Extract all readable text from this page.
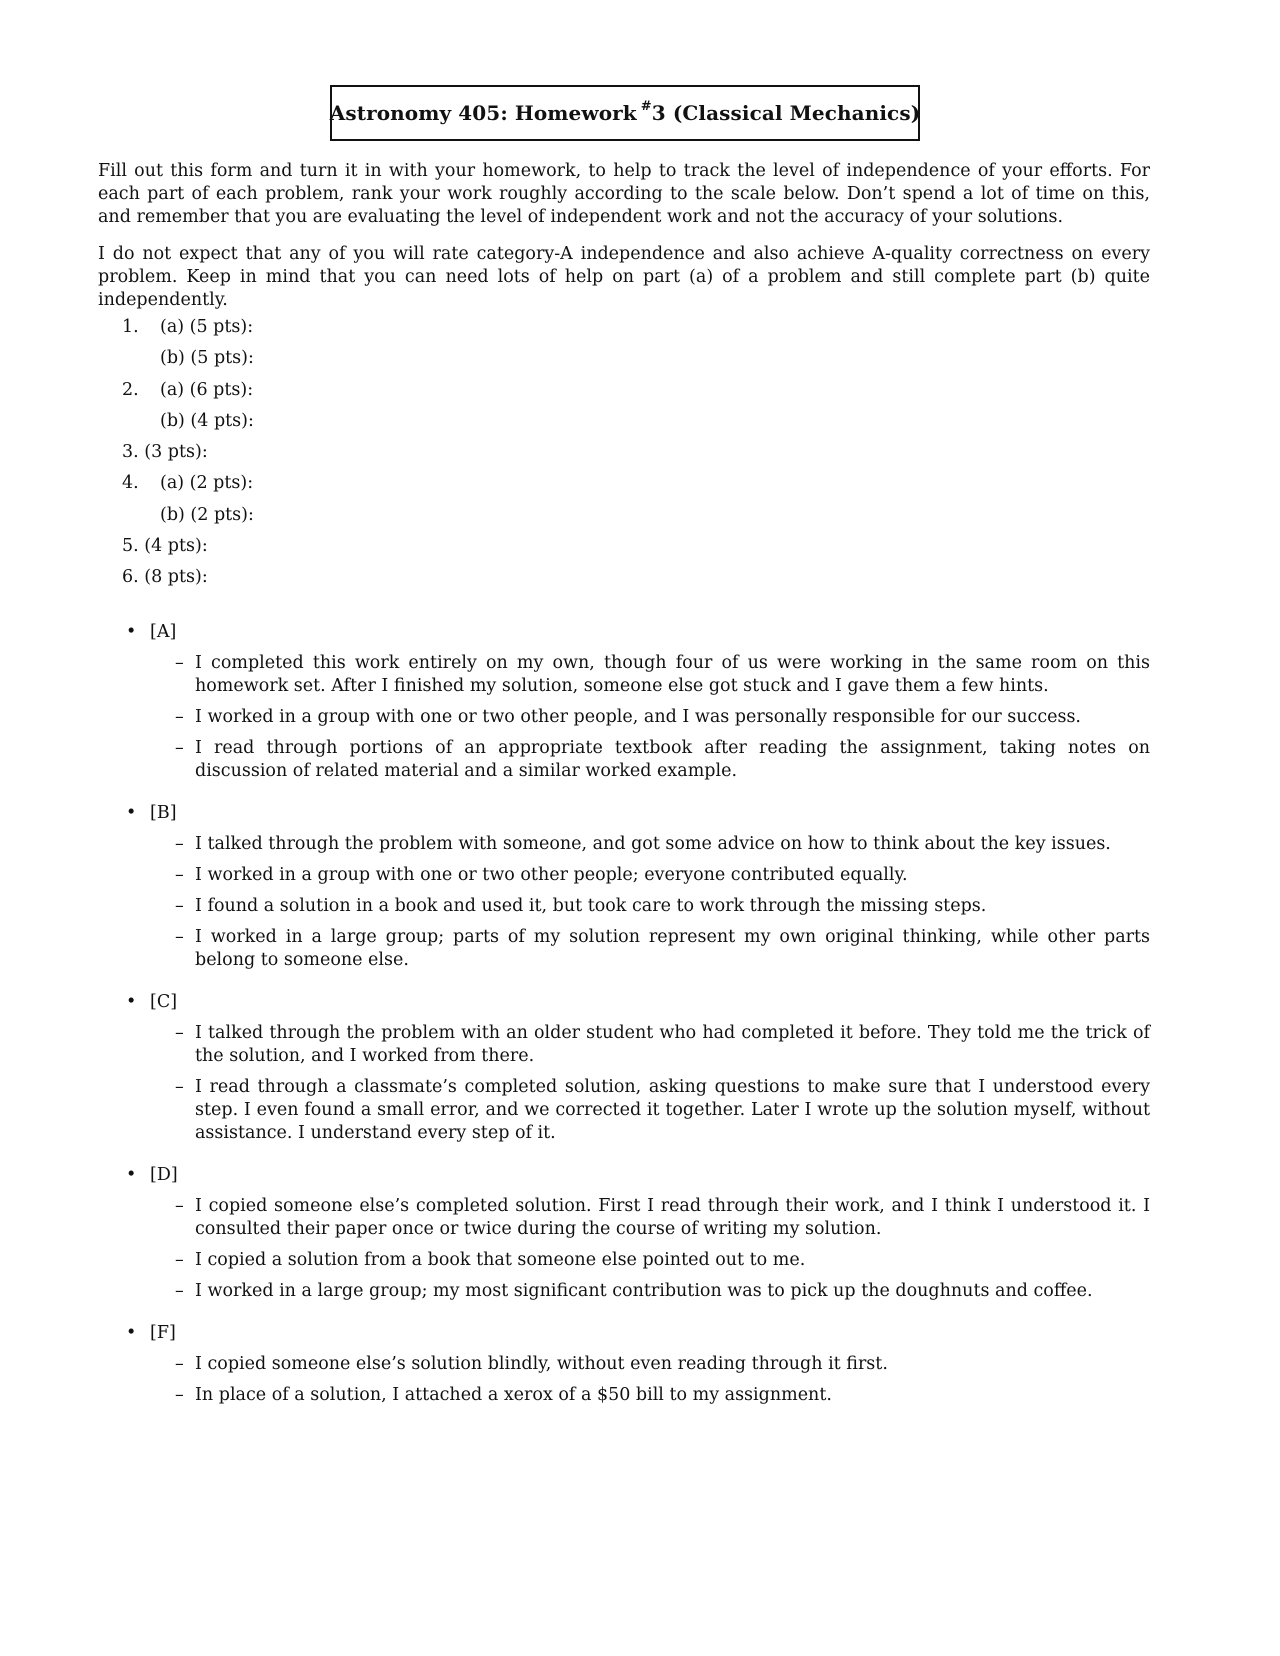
Astronomy 405: Homework # 3 (Classical Mechanics)

Fill out this form and turn it in with your homework, to help to track the level of independence of your efforts. For each part of each problem, rank your work roughly according to the scale below. Don’t spend a lot of time on this, and remember that you are evaluating the level of independent work and not the accuracy of your solutions.

I do not expect that any of you will rate category-A independence and also achieve A-quality correctness on every problem. Keep in mind that you can need lots of help on part (a) of a problem and still complete part (b) quite independently.

1. (a) (5 pts):
(b) (5 pts):
2. (a) (6 pts):
(b) (4 pts):
3. (3 pts):
4. (a) (2 pts):
(b) (2 pts):
5. (4 pts):
6. (8 pts):
• [A]
– I completed this work entirely on my own, though four of us were working in the same room on this homework set. After I finished my solution, someone else got stuck and I gave them a few hints.
– I worked in a group with one or two other people, and I was personally responsible for our success.
– I read through portions of an appropriate textbook after reading the assignment, taking notes on discussion of related material and a similar worked example.
• [B]
– I talked through the problem with someone, and got some advice on how to think about the key issues.
– I worked in a group with one or two other people; everyone contributed equally.
– I found a solution in a book and used it, but took care to work through the missing steps.
– I worked in a large group; parts of my solution represent my own original thinking, while other parts belong to someone else.
• [C]
– I talked through the problem with an older student who had completed it before. They told me the trick of the solution, and I worked from there.
– I read through a classmate’s completed solution, asking questions to make sure that I understood every step. I even found a small error, and we corrected it together. Later I wrote up the solution myself, without assistance. I understand every step of it.
• [D]
– I copied someone else’s completed solution. First I read through their work, and I think I understood it. I consulted their paper once or twice during the course of writing my solution.
– I copied a solution from a book that someone else pointed out to me.
– I worked in a large group; my most significant contribution was to pick up the doughnuts and coffee.
• [F]
– I copied someone else’s solution blindly, without even reading through it first.
– In place of a solution, I attached a xerox of a $50 bill to my assignment.
